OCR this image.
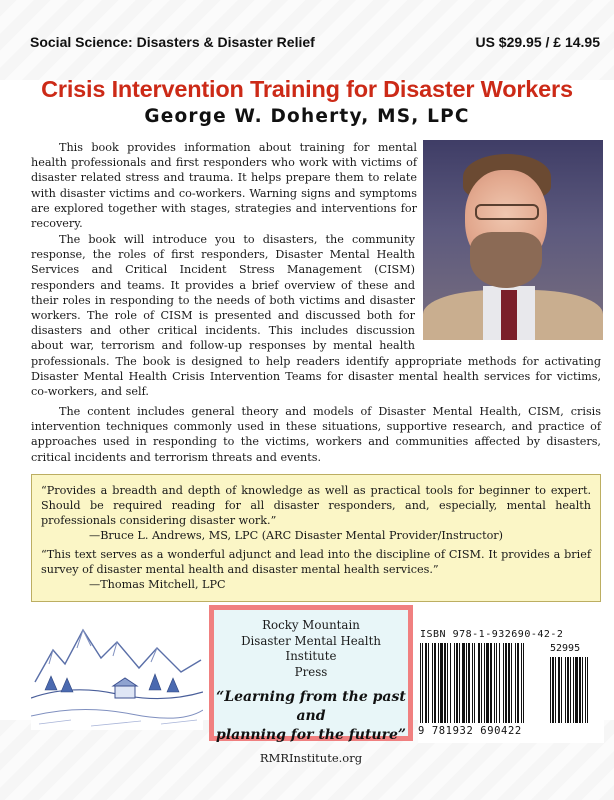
Social Science: Disasters & Disaster Relief	US $29.95 / £ 14.95
Crisis Intervention Training for Disaster Workers
George W. Doherty, MS, LPC

This book provides information about training for mental health professionals and first responders who work with victims of disaster related stress and trauma. It helps prepare them to relate with disaster victims and co-workers. Warning signs and symptoms are explored together with stages, strategies and interventions for recovery.

The book will introduce you to disasters, the community response, the roles of first responders, Disaster Mental Health Services and Critical Incident Stress Management (CISM) responders and teams. It provides a brief overview of these and their roles in responding to the needs of both victims and disaster workers. The role of CISM is presented and discussed both for disasters and other critical incidents. This includes discussion about war, terrorism and follow-up responses by mental health professionals. The book is designed to help readers identify appropriate methods for activating Disaster Mental Health Crisis Intervention Teams for disaster mental health services for victims, co-workers, and self.

The content includes general theory and models of Disaster Mental Health, CISM, crisis intervention techniques commonly used in these situations, supportive research, and practice of approaches used in responding to the victims, workers and communities affected by disasters, critical incidents and terrorism threats and events.

“Provides a breadth and depth of knowledge as well as practical tools for beginner to expert. Should be required reading for all disaster responders, and, especially, mental health professionals considering disaster work.”

—Bruce L. Andrews, MS, LPC (ARC Disaster Mental Provider/Instructor)

“This text serves as a wonderful adjunct and lead into the discipline of CISM. It provides a brief survey of disaster mental health and disaster mental health services.”

—Thomas Mitchell, LPC

Rocky Mountain
Disaster Mental Health Institute
Press
“Learning from the past and
planning for the future”
RMRInstitute.org
ISBN 978-1-932690-42-2
52995
9 781932 690422
